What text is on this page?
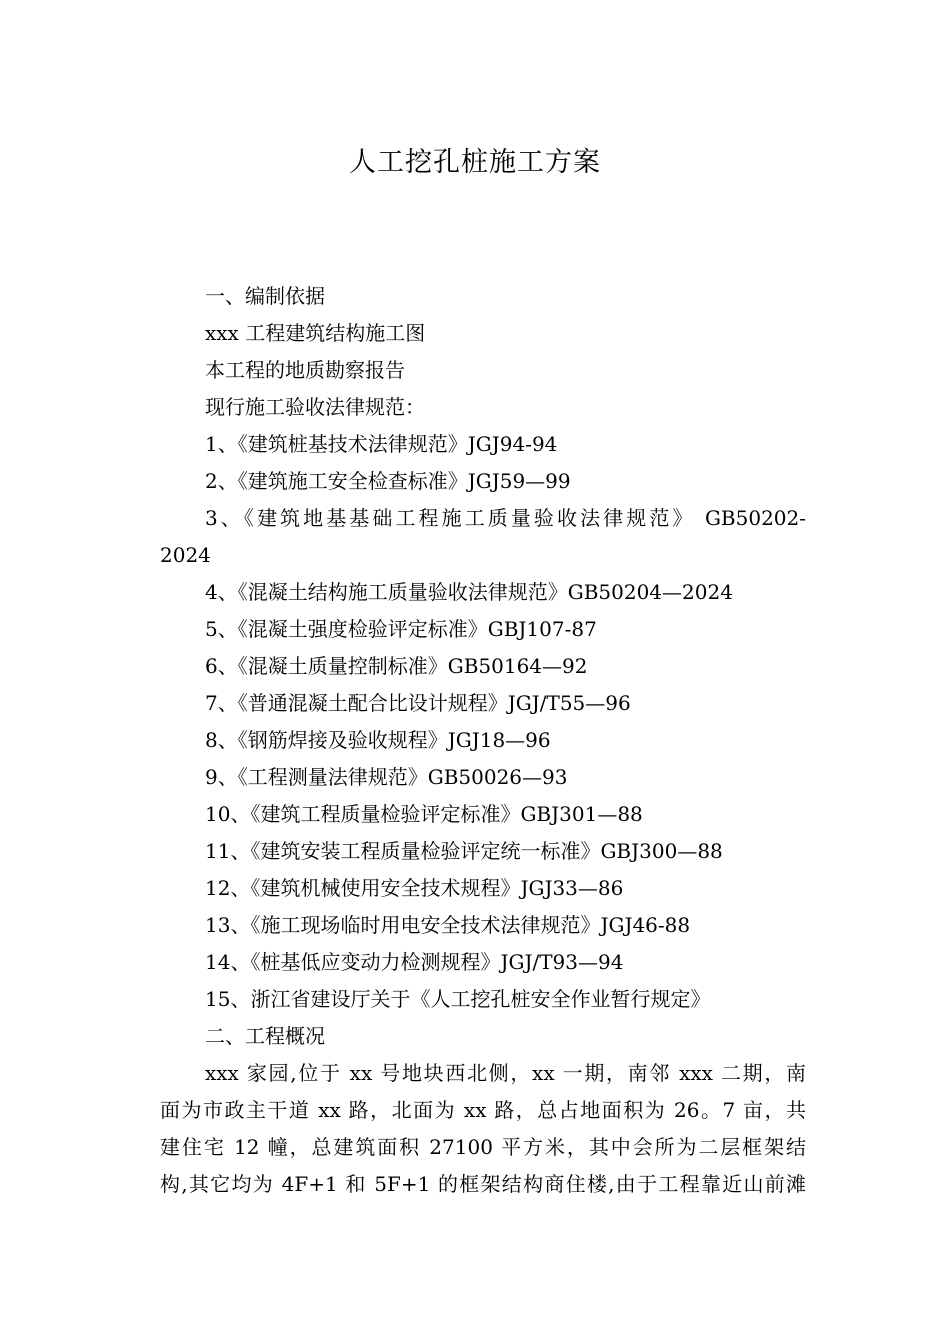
人工挖孔桩施工方案
一、编制依据
xxx 工程建筑结构施工图
本工程的地质勘察报告
现行施工验收法律规范：
1、《建筑桩基技术法律规范》JGJ94-94
2、《建筑施工安全检查标准》JGJ59—99
3、《建筑地基基础工程施工质量验收法律规范》 GB50202-
2024
4、《混凝土结构施工质量验收法律规范》GB50204—2024
5、《混凝土强度检验评定标准》GBJ107-87
6、《混凝土质量控制标准》GB50164—92
7、《普通混凝土配合比设计规程》JGJ/T55—96
8、《钢筋焊接及验收规程》JGJ18—96
9、《工程测量法律规范》GB50026—93
10、《建筑工程质量检验评定标准》GBJ301—88
11、《建筑安装工程质量检验评定统一标准》GBJ300—88
12、《建筑机械使用安全技术规程》JGJ33—86
13、《施工现场临时用电安全技术法律规范》JGJ46-88
14、《桩基低应变动力检测规程》JGJ/T93—94
15、浙江省建设厅关于《人工挖孔桩安全作业暂行规定》
二、工程概况
xxx 家园,位于 xx 号地块西北侧，xx 一期，南邻 xxx 二期，南
面为市政主干道 xx 路，北面为 xx 路，总占地面积为 26。7 亩，共
建住宅 12 幢，总建筑面积 27100 平方米，其中会所为二层框架结
构,其它均为 4F+1 和 5F+1 的框架结构商住楼,由于工程靠近山前滩
